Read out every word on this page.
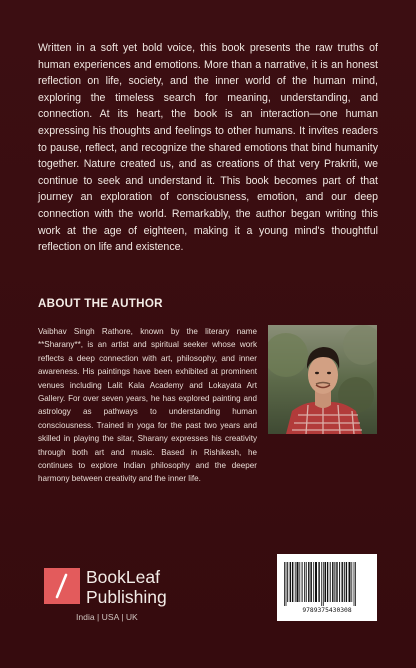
Written in a soft yet bold voice, this book presents the raw truths of human experiences and emotions. More than a narrative, it is an honest reflection on life, society, and the inner world of the human mind, exploring the timeless search for meaning, understanding, and connection. At its heart, the book is an interaction—one human expressing his thoughts and feelings to other humans. It invites readers to pause, reflect, and recognize the shared emotions that bind humanity together. Nature created us, and as creations of that very Prakriti, we continue to seek and understand it. This book becomes part of that journey an exploration of consciousness, emotion, and our deep connection with the world. Remarkably, the author began writing this work at the age of eighteen, making it a young mind's thoughtful reflection on life and existence.

ABOUT THE AUTHOR

Vaibhav Singh Rathore, known by the literary name **Sharany**, is an artist and spiritual seeker whose work reflects a deep connection with art, philosophy, and inner awareness. His paintings have been exhibited at prominent venues including Lalit Kala Academy and Lokayata Art Gallery. For over seven years, he has explored painting and astrology as pathways to understanding human consciousness. Trained in yoga for the past two years and skilled in playing the sitar, Sharany expresses his creativity through both art and music. Based in Rishikesh, he continues to explore Indian philosophy and the deeper harmony between creativity and the inner life.

BookLeaf
Publishing
India | USA | UK
9789375430308
